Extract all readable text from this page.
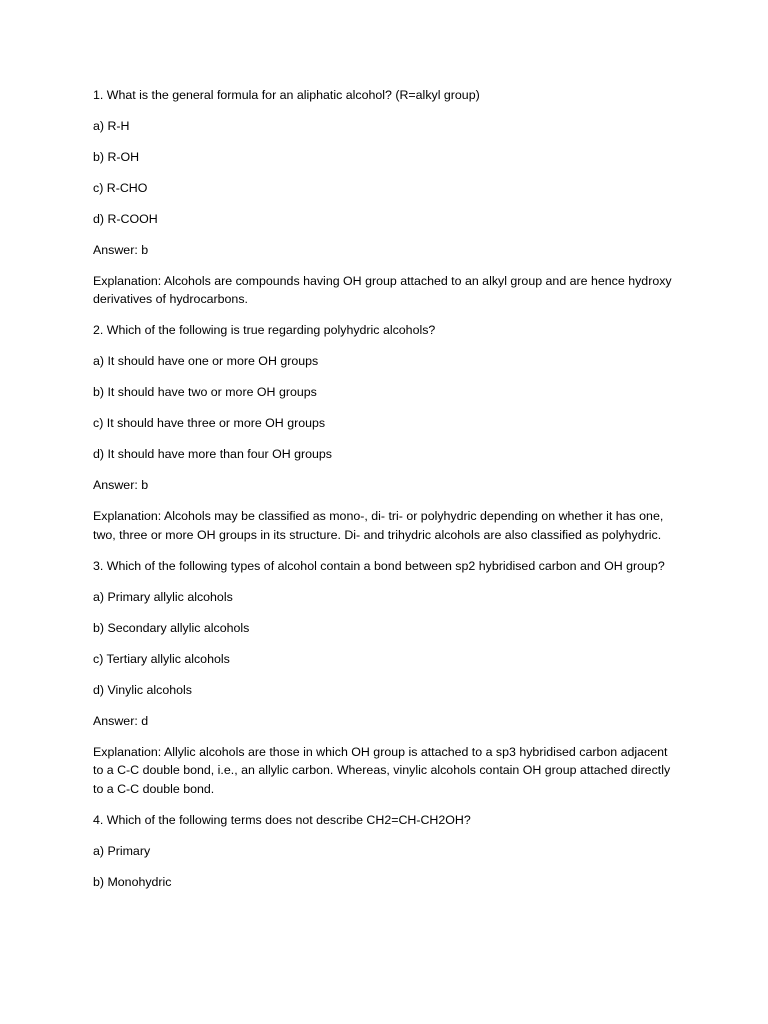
1. What is the general formula for an aliphatic alcohol? (R=alkyl group)

a) R-H

b) R-OH

c) R-CHO

d) R-COOH

Answer: b

Explanation: Alcohols are compounds having OH group attached to an alkyl group and are hence hydroxy derivatives of hydrocarbons.

2. Which of the following is true regarding polyhydric alcohols?

a) It should have one or more OH groups

b) It should have two or more OH groups

c) It should have three or more OH groups

d) It should have more than four OH groups

Answer: b

Explanation: Alcohols may be classified as mono-, di- tri- or polyhydric depending on whether it has one, two, three or more OH groups in its structure. Di- and trihydric alcohols are also classified as polyhydric.

3. Which of the following types of alcohol contain a bond between sp2 hybridised carbon and OH group?

a) Primary allylic alcohols

b) Secondary allylic alcohols

c) Tertiary allylic alcohols

d) Vinylic alcohols

Answer: d

Explanation: Allylic alcohols are those in which OH group is attached to a sp3 hybridised carbon adjacent to a C-C double bond, i.e., an allylic carbon. Whereas, vinylic alcohols contain OH group attached directly to a C-C double bond.

4. Which of the following terms does not describe CH2=CH-CH2OH?

a) Primary

b) Monohydric
